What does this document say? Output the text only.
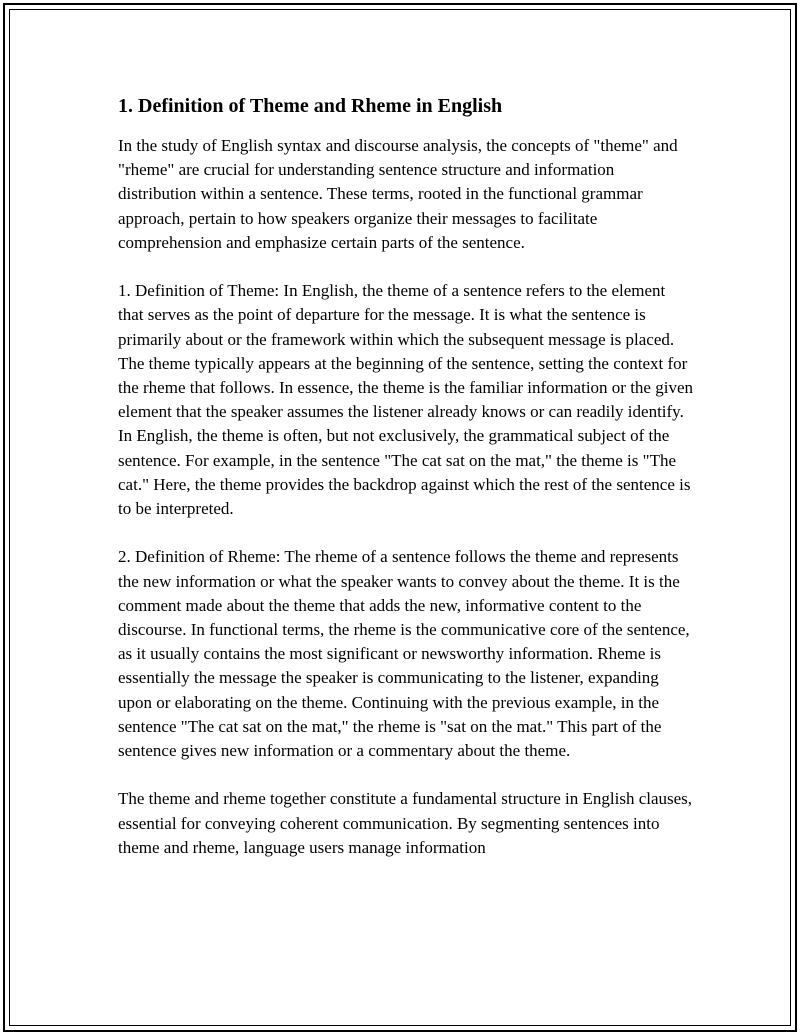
1. Definition of Theme and Rheme in English

In the study of English syntax and discourse analysis, the concepts of "theme" and "rheme" are crucial for understanding sentence structure and information distribution within a sentence. These terms, rooted in the functional grammar approach, pertain to how speakers organize their messages to facilitate comprehension and emphasize certain parts of the sentence.

1. Definition of Theme: In English, the theme of a sentence refers to the element that serves as the point of departure for the message. It is what the sentence is primarily about or the framework within which the subsequent message is placed. The theme typically appears at the beginning of the sentence, setting the context for the rheme that follows. In essence, the theme is the familiar information or the given element that the speaker assumes the listener already knows or can readily identify. In English, the theme is often, but not exclusively, the grammatical subject of the sentence. For example, in the sentence "The cat sat on the mat," the theme is "The cat." Here, the theme provides the backdrop against which the rest of the sentence is to be interpreted.

2. Definition of Rheme: The rheme of a sentence follows the theme and represents the new information or what the speaker wants to convey about the theme. It is the comment made about the theme that adds the new, informative content to the discourse. In functional terms, the rheme is the communicative core of the sentence, as it usually contains the most significant or newsworthy information. Rheme is essentially the message the speaker is communicating to the listener, expanding upon or elaborating on the theme. Continuing with the previous example, in the sentence "The cat sat on the mat," the rheme is "sat on the mat." This part of the sentence gives new information or a commentary about the theme.

The theme and rheme together constitute a fundamental structure in English clauses, essential for conveying coherent communication. By segmenting sentences into theme and rheme, language users manage information
